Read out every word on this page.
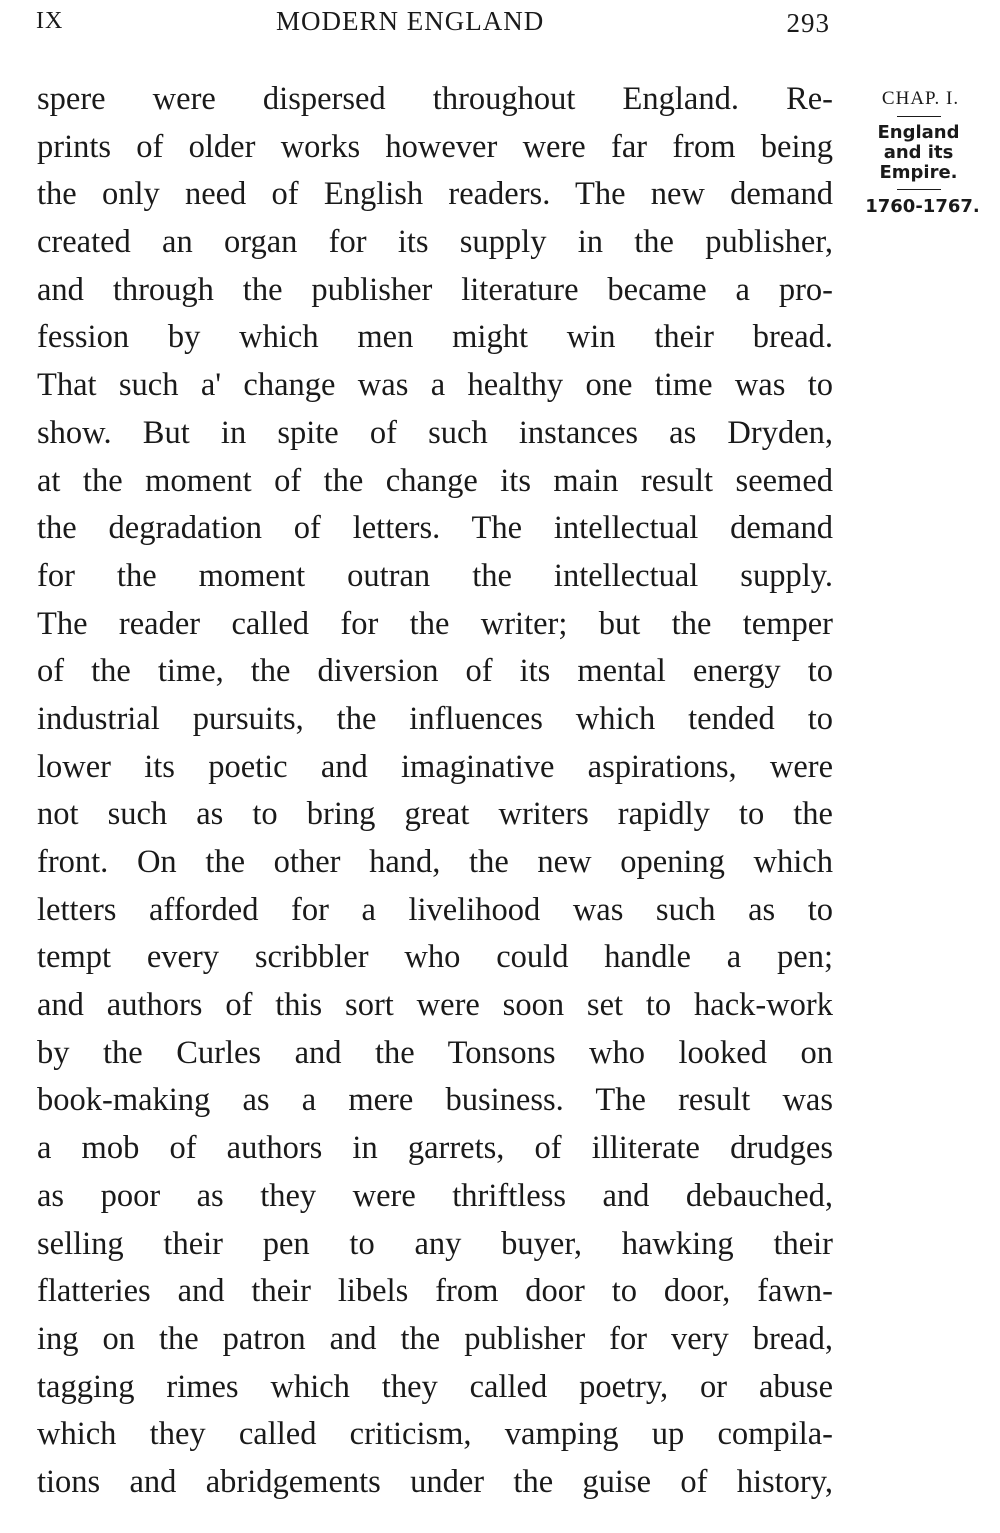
IX	MODERN ENGLAND	293
spere were dispersed throughout England. Re-
prints of older works however were far from being
the only need of English readers. The new demand
created an organ for its supply in the publisher,
and through the publisher literature became a pro-
fession by which men might win their bread.
That such a' change was a healthy one time was to
show. But in spite of such instances as Dryden,
at the moment of the change its main result seemed
the degradation of letters. The intellectual demand
for the moment outran the intellectual supply.
The reader called for the writer; but the temper
of the time, the diversion of its mental energy to
industrial pursuits, the influences which tended to
lower its poetic and imaginative aspirations, were
not such as to bring great writers rapidly to the
front. On the other hand, the new opening which
letters afforded for a livelihood was such as to
tempt every scribbler who could handle a pen;
and authors of this sort were soon set to hack-work
by the Curles and the Tonsons who looked on
book-making as a mere business. The result was
a mob of authors in garrets, of illiterate drudges
as poor as they were thriftless and debauched,
selling their pen to any buyer, hawking their
flatteries and their libels from door to door, fawn-
ing on the patron and the publisher for very bread,
tagging rimes which they called poetry, or abuse
which they called criticism, vamping up compila-
tions and abridgements under the guise of history,
CHAP. I.
England
and its
Empire.
1760-1767.
